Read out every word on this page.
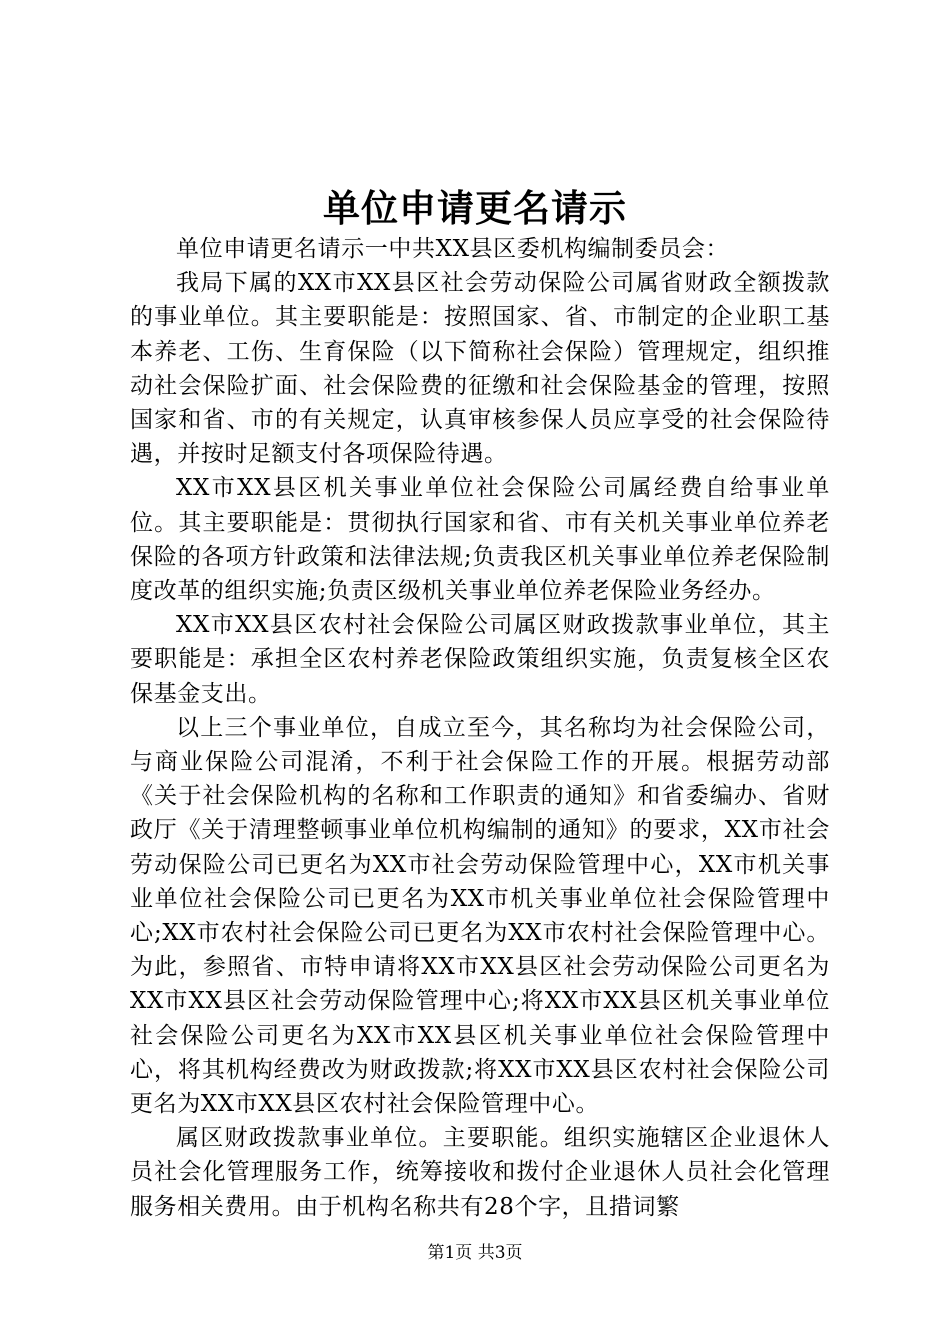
单位申请更名请示

单位申请更名请示一中共XX县区委机构编制委员会：

我局下属的XX市XX县区社会劳动保险公司属省财政全额拨款的事业单位。其主要职能是：按照国家、省、市制定的企业职工基本养老、工伤、生育保险（以下简称社会保险）管理规定，组织推动社会保险扩面、社会保险费的征缴和社会保险基金的管理，按照国家和省、市的有关规定，认真审核参保人员应享受的社会保险待遇，并按时足额支付各项保险待遇。

XX市XX县区机关事业单位社会保险公司属经费自给事业单位。其主要职能是：贯彻执行国家和省、市有关机关事业单位养老保险的各项方针政策和法律法规;负责我区机关事业单位养老保险制度改革的组织实施;负责区级机关事业单位养老保险业务经办。

XX市XX县区农村社会保险公司属区财政拨款事业单位，其主要职能是：承担全区农村养老保险政策组织实施，负责复核全区农保基金支出。

以上三个事业单位，自成立至今，其名称均为社会保险公司，与商业保险公司混淆，不利于社会保险工作的开展。根据劳动部《关于社会保险机构的名称和工作职责的通知》和省委编办、省财政厅《关于清理整顿事业单位机构编制的通知》的要求，XX市社会劳动保险公司已更名为XX市社会劳动保险管理中心，XX市机关事业单位社会保险公司已更名为XX市机关事业单位社会保险管理中心;XX市农村社会保险公司已更名为XX市农村社会保险管理中心。为此，参照省、市特申请将XX市XX县区社会劳动保险公司更名为XX市XX县区社会劳动保险管理中心;将XX市XX县区机关事业单位社会保险公司更名为XX市XX县区机关事业单位社会保险管理中心，将其机构经费改为财政拨款;将XX市XX县区农村社会保险公司更名为XX市XX县区农村社会保险管理中心。

属区财政拨款事业单位。主要职能。组织实施辖区企业退休人员社会化管理服务工作，统筹接收和拨付企业退休人员社会化管理服务相关费用。由于机构名称共有28个字，且措词繁

第1页 共3页
